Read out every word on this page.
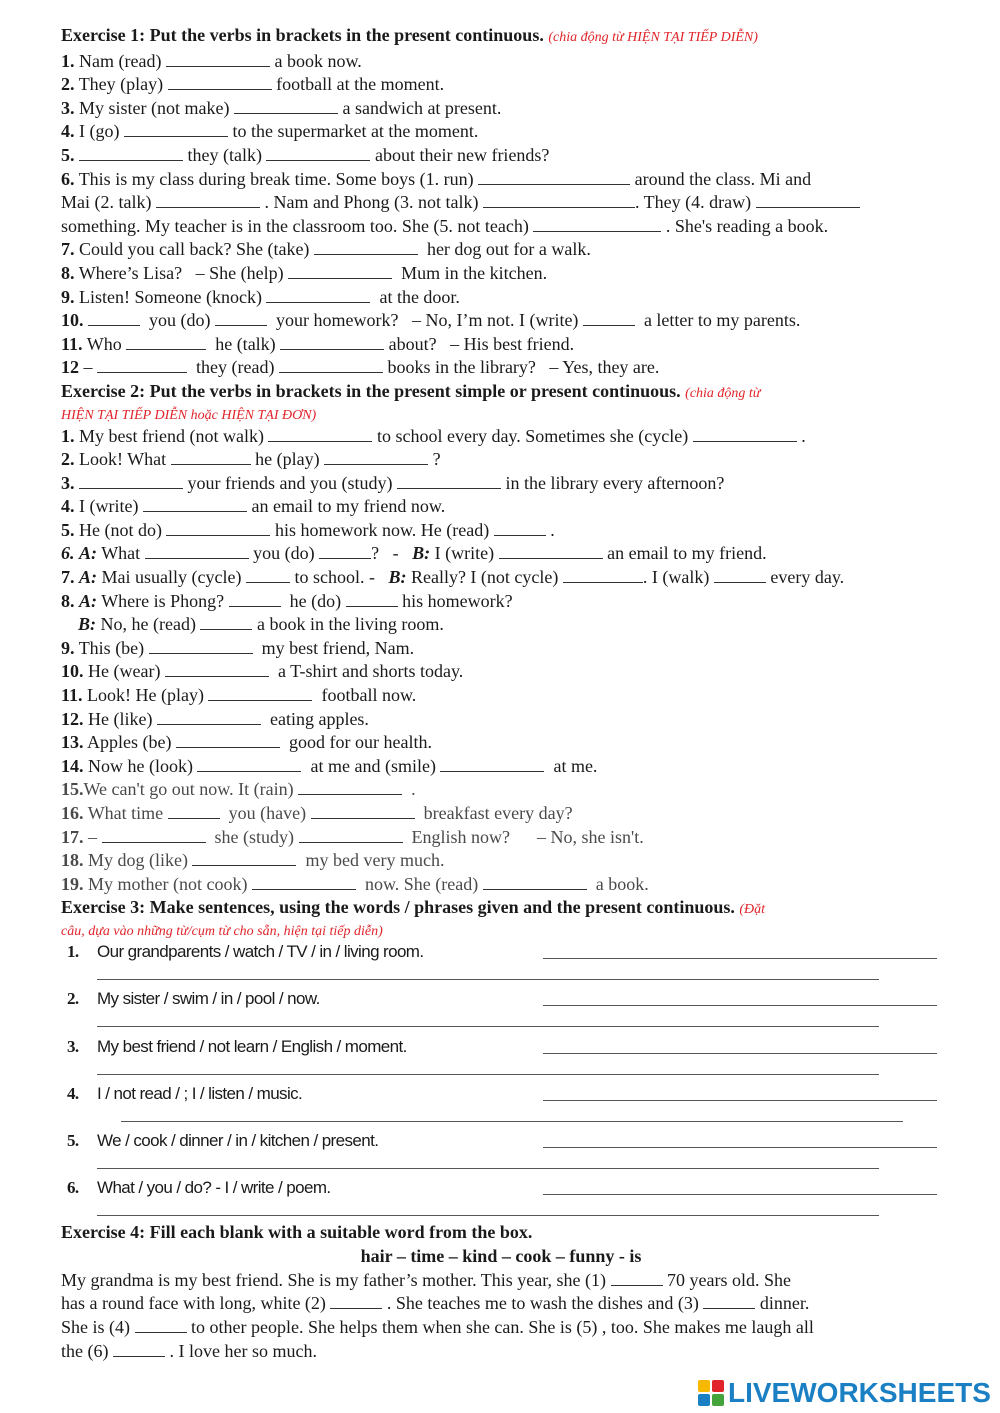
Exercise 1: Put the verbs in brackets in the present continuous. (chia động từ HIỆN TẠI TIẾP DIỄN)
1. Nam (read)	a book now.
2. They (play)	football at the moment.
3. My sister (not make)	a sandwich at present.
4. I (go)	to the supermarket at the moment.
5.	they (talk)	about their new friends?
6. This is my class during break time. Some boys (1. run)	around the class. Mi and
Mai (2. talk)	. Nam and Phong (3. not talk)	. They (4. draw)
something. My teacher is in the classroom too. She (5. not teach)	. She's reading a book.
7. Could you call back? She (take)	her dog out for a walk.
8. Where’s Lisa? – She (help)	Mum in the kitchen.
9. Listen! Someone (knock)	at the door.
10.	you (do)	your homework? – No, I’m not. I (write)	a letter to my parents.
11. Who	he (talk)	about? – His best friend.
12 –	they (read)	books in the library? – Yes, they are.
Exercise 2: Put the verbs in brackets in the present simple or present continuous. (chia động từ
HIỆN TẠI TIẾP DIỄN hoặc HIỆN TẠI ĐƠN)
1. My best friend (not walk)	to school every day. Sometimes she (cycle)	.
2. Look! What	he (play)	?
3.	your friends and you (study)	in the library every afternoon?
4. I (write)	an email to my friend now.
5. He (not do)	his homework now. He (read)	.
6. A: What	you (do)	? - B: I (write)	an email to my friend.
7. A: Mai usually (cycle)	to school. - B: Really? I (not cycle)	. I (walk)	every day.
8. A: Where is Phong?	he (do)	his homework?
B: No, he (read)	a book in the living room.
9. This (be)	my best friend, Nam.
10. He (wear)	a T-shirt and shorts today.
11. Look! He (play)	football now.
12. He (like)	eating apples.
13. Apples (be)	good for our health.
14. Now he (look)	at me and (smile)	at me.
15.We can't go out now. It (rain)	.
16. What time	you (have)	breakfast every day?
17. –	she (study)	English now? – No, she isn't.
18. My dog (like)	my bed very much.
19. My mother (not cook)	now. She (read)	a book.
Exercise 3: Make sentences, using the words / phrases given and the present continuous. (Đặt
câu, dựa vào những từ/cụm từ cho sẵn, hiện tại tiếp diễn)
1. Our grandparents / watch / TV / in / living room.
2. My sister / swim / in / pool / now.
3. My best friend / not learn / English / moment.
4. I / not read / ; I / listen / music.
5. We / cook / dinner / in / kitchen / present.
6. What / you / do? - I / write / poem.
Exercise 4: Fill each blank with a suitable word from the box.
hair – time – kind – cook – funny - is
My grandma is my best friend. She is my father’s mother. This year, she (1)	70 years old. She
has a round face with long, white (2)	. She teaches me to wash the dishes and (3)	dinner.
She is (4)	to other people. She helps them when she can. She is (5) , too. She makes me laugh all
the (6)	. I love her so much.
LIVEWORKSHEETS
